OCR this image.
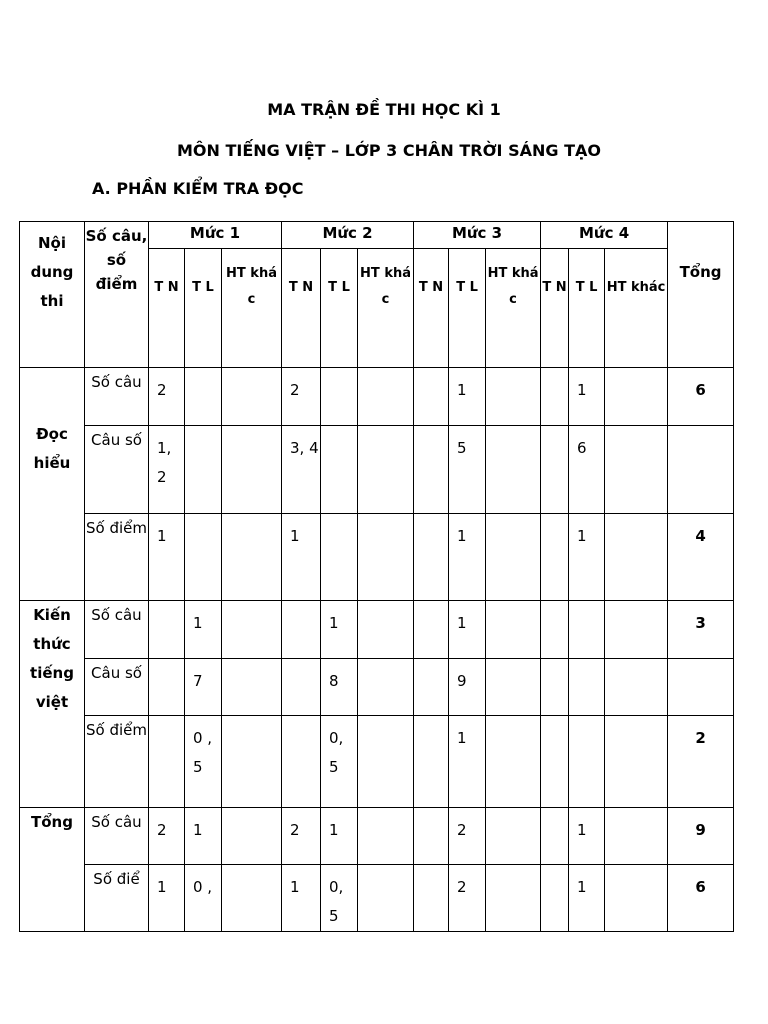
MA TRẬN ĐỀ THI HỌC KÌ 1
MÔN TIẾNG VIỆT – LỚP 3 CHÂN TRỜI SÁNG TẠO
A. PHẦN KIỂM TRA ĐỌC
Nội dung thi	Số câu, số điểm	Mức 1			Mức 2			Mức 3			Mức 4			Tổng
		T N	T L	HT khá c	T N	T L	HT khá c	T N	T L	HT khá c	T N	T L	HT khác	
Đọc hiểu	Số câu	2			2				1			1		6
	Câu số	1, 2			3, 4				5			6		
	Số điểm	1			1				1			1		4
Kiến thức tiếng việt	Số câu		1			1			1					3
	Câu số		7			8			9					
	Số điểm		0 , 5			0, 5			1					2
Tổng	Số câu	2	1		2	1			2			1		9
	Số điể	1	0 ,		1	0, 5			2			1		6
